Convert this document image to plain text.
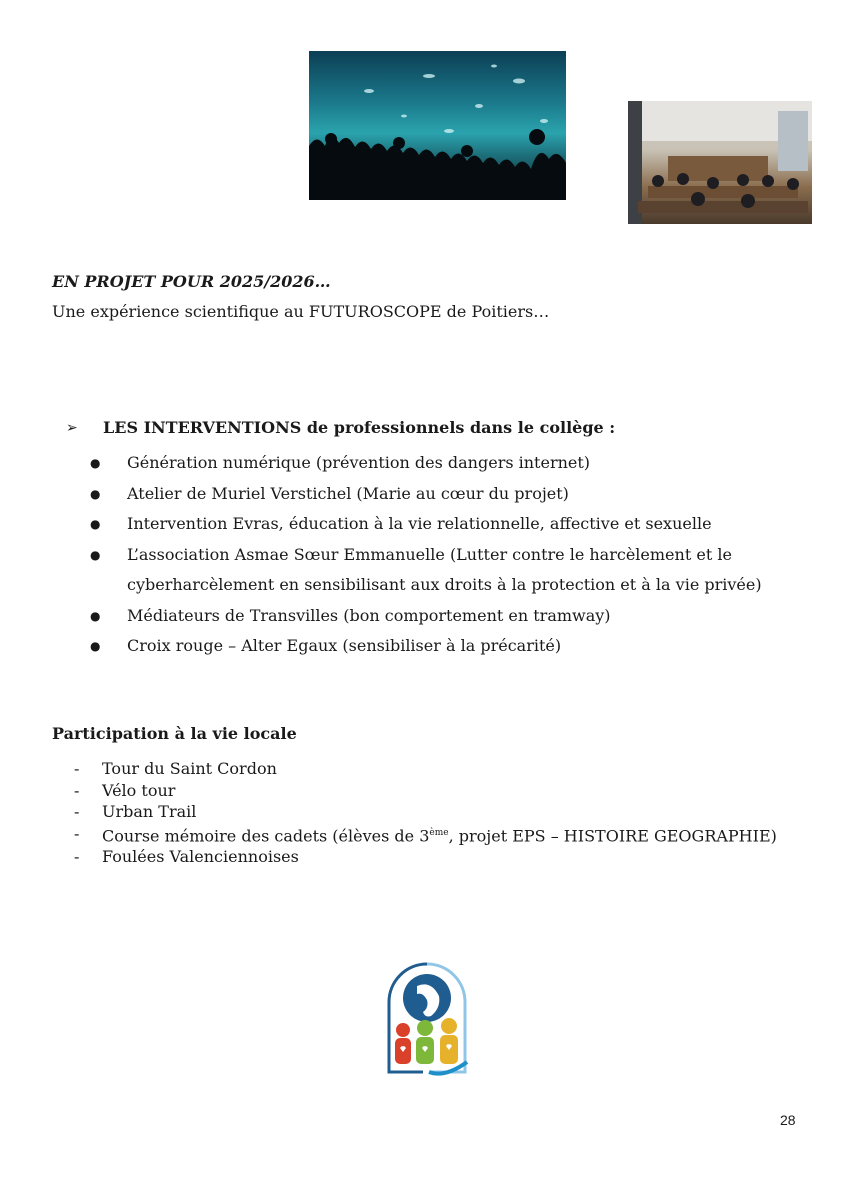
EN PROJET POUR 2025/2026…
Une expérience scientifique au FUTUROSCOPE de Poitiers…
➢	LES INTERVENTIONS de professionnels dans le collège :
●	Génération numérique (prévention des dangers internet)
●	Atelier de Muriel Verstichel (Marie au cœur du projet)
●	Intervention Evras, éducation à la vie relationnelle, affective et sexuelle
●	L’association Asmae Sœur Emmanuelle (Lutter contre le harcèlement et le
cyberharcèlement en sensibilisant aux droits à la protection et à la vie privée)
●	Médiateurs de Transvilles (bon comportement en tramway)
●	Croix rouge – Alter Egaux (sensibiliser à la précarité)
Participation à la vie locale
-	Tour du Saint Cordon
-	Vélo tour
-	Urban Trail
-	Course mémoire des cadets (élèves de 3ème, projet EPS – HISTOIRE GEOGRAPHIE)
-	Foulées Valenciennoises
28
